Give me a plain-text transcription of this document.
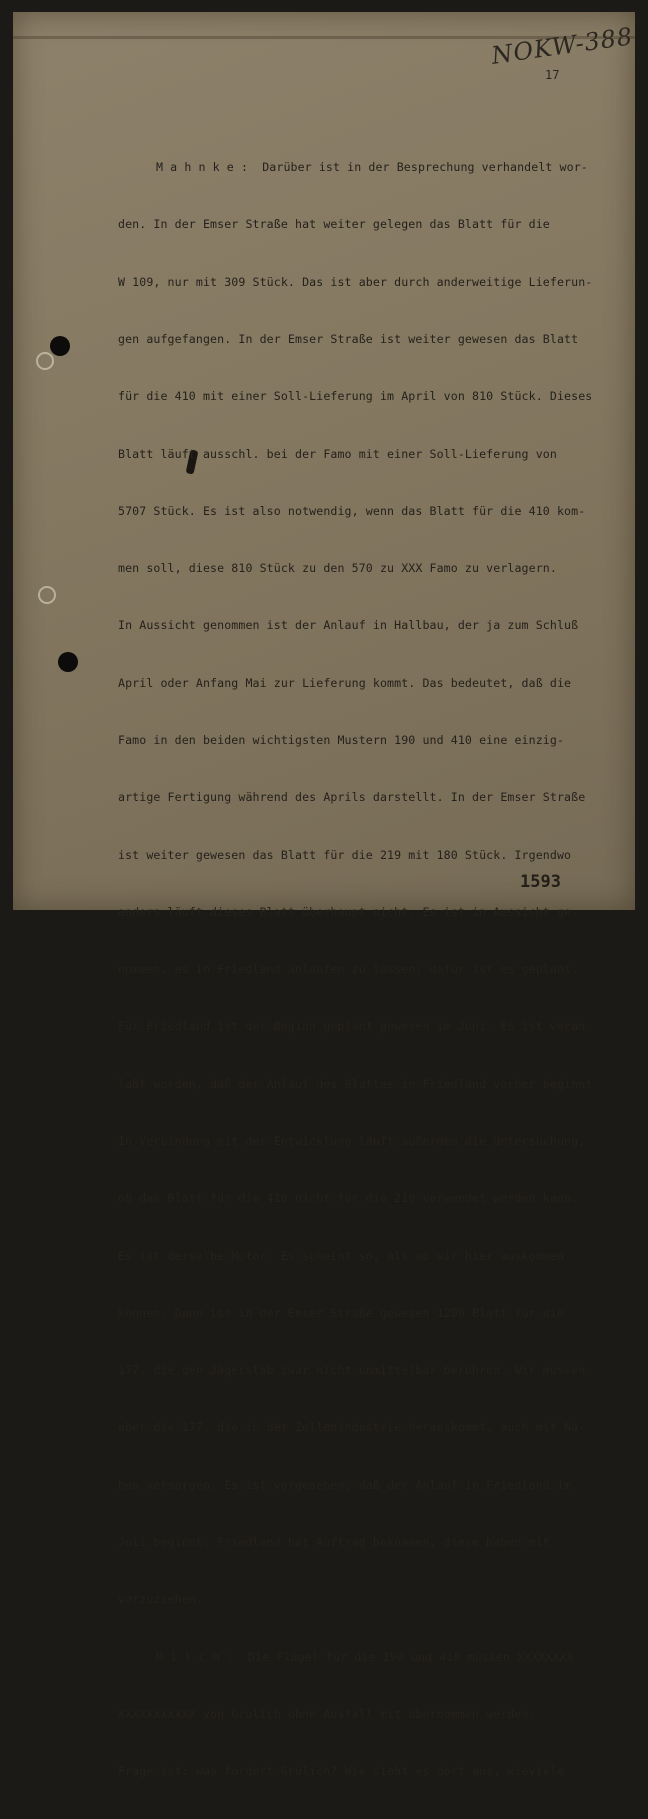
NOKW-388
17

M a h n k e :  Darüber ist in der Besprechung verhandelt wor-

den. In der Emser Straße hat weiter gelegen das Blatt für die

W 109, nur mit 309 Stück. Das ist aber durch anderweitige Lieferun-

gen aufgefangen. In der Emser Straße ist weiter gewesen das Blatt

für die 410 mit einer Soll-Lieferung im April von 810 Stück. Dieses

Blatt läuft ausschl. bei der Famo mit einer Soll-Lieferung von

5707 Stück. Es ist also notwendig, wenn das Blatt für die 410 kom-

men soll, diese 810 Stück zu den 570 zu XXX Famo zu verlagern.

In Aussicht genommen ist der Anlauf in Hallbau, der ja zum Schluß

April oder Anfang Mai zur Lieferung kommt. Das bedeutet, daß die

Famo in den beiden wichtigsten Mustern 190 und 410 eine einzig-

artige Fertigung während des Aprils darstellt. In der Emser Straße

ist weiter gewesen das Blatt für die 219 mit 180 Stück. Irgendwo

anders läuft dieses Blatt überhaupt nicht. Es ist in Aussicht ge-

nommen, es in Friedland anlaufen zu lassen; dafür ist es geplant.

Für Friedland ist der Beginn geplant gewesen im Juni. Es ist veran-

laßt worden, daß der Anlauf des Blattes in Friedland vorher beginnt

In Verbindung mit der Entwicklung läuft außerdem die Untersuchung,

ob das Blatt für die 410 nicht für die 219 verwendet werden kann.

Es ist derselbe Motor. Es scheint so, als ob wir hier auskommen

können. Dann ist in der Emser Straße gewesen 1200 Blatt für die

177, die den Jägerstab zwar nicht unmittelbar berühren. Wir müssen

aber die 177, die in der Zellenindustrie herauskommt, auch mit Na-

ben versorgen. Es ist vorgesehen, daß der Anlauf in Friedland im

Juli beginnt. Friedland hat Auftrag bekommen, diese Naben mit

vorzuziehen.

M i l c h :  Die Flügel für die 190 und 410 müssen XXXXXXXX

XXXXXXXXXXX von Grulich ohne Ausfall mit übernommen werden.

Frage ist: was fordert Grulich? Wie sieht es dort aus, wieviele

1593
